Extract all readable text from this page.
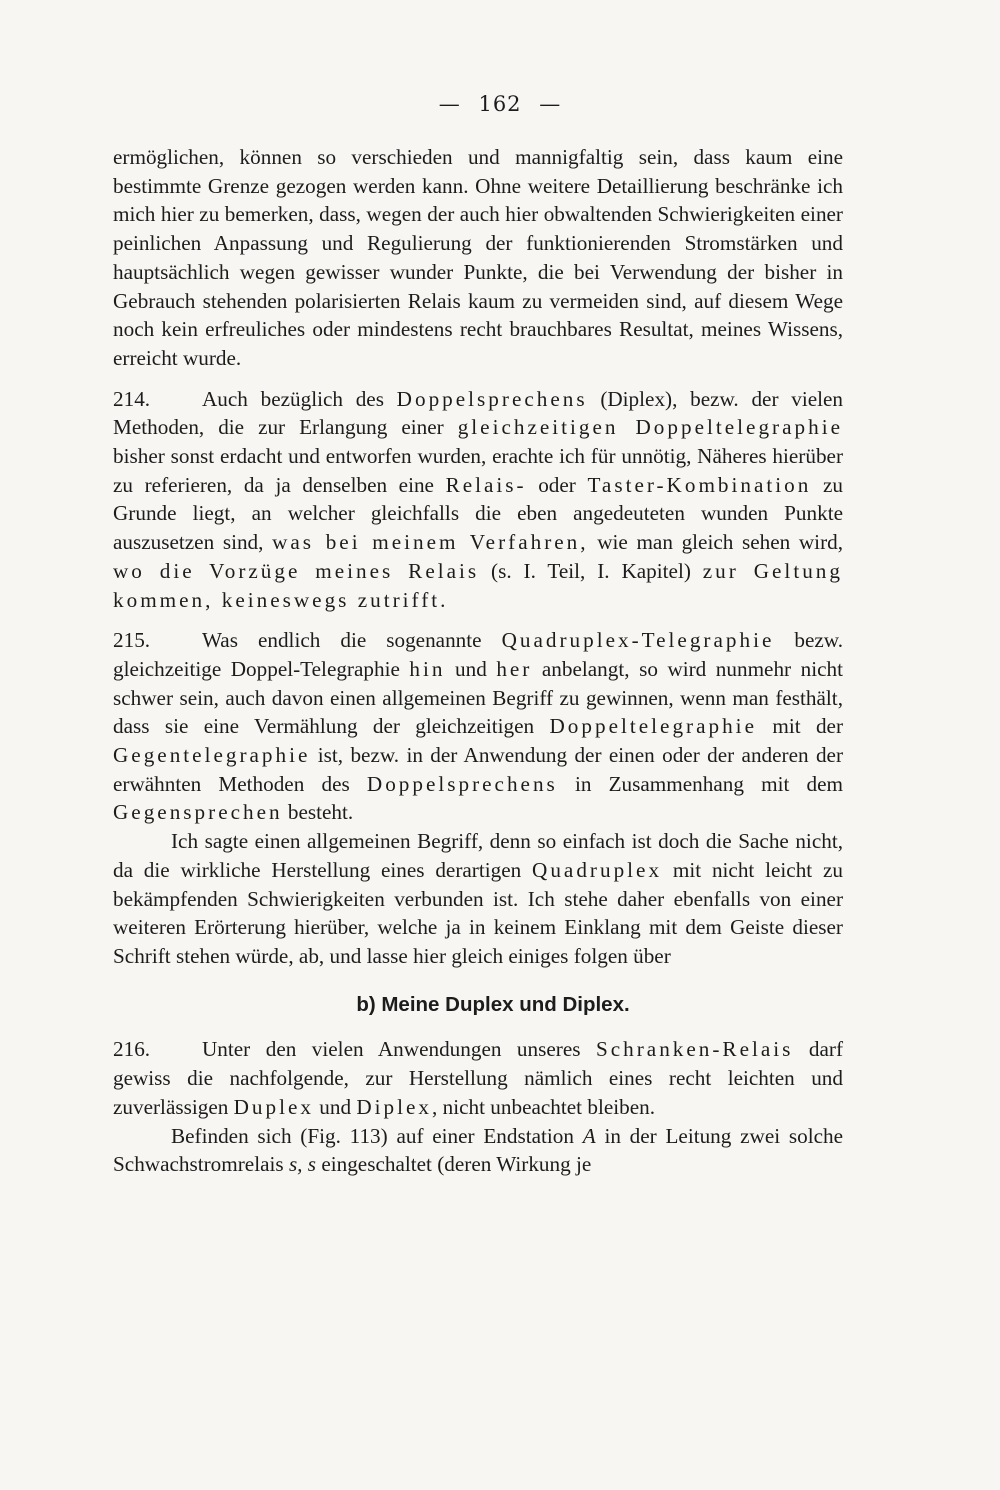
— 162 —

ermöglichen, können so verschieden und mannigfaltig sein, dass kaum eine bestimmte Grenze gezogen werden kann. Ohne weitere Detaillierung beschränke ich mich hier zu bemerken, dass, wegen der auch hier obwaltenden Schwierigkeiten einer peinlichen Anpassung und Regulierung der funktionierenden Stromstärken und hauptsächlich wegen gewisser wunder Punkte, die bei Verwendung der bisher in Gebrauch stehenden polarisierten Relais kaum zu vermeiden sind, auf diesem Wege noch kein erfreuliches oder mindestens recht brauchbares Resultat, meines Wissens, erreicht wurde.

214. Auch bezüglich des Doppelsprechens (Diplex), bezw. der vielen Methoden, die zur Erlangung einer gleichzeitigen Doppeltelegraphie bisher sonst erdacht und entworfen wurden, erachte ich für unnötig, Näheres hierüber zu referieren, da ja denselben eine Relais- oder Taster-Kombination zu Grunde liegt, an welcher gleichfalls die eben angedeuteten wunden Punkte auszusetzen sind, was bei meinem Verfahren, wie man gleich sehen wird, wo die Vorzüge meines Relais (s. I. Teil, I. Kapitel) zur Geltung kommen, keineswegs zutrifft.

215. Was endlich die sogenannte Quadruplex-Telegraphie bezw. gleichzeitige Doppel-Telegraphie hin und her anbelangt, so wird nunmehr nicht schwer sein, auch davon einen allgemeinen Begriff zu gewinnen, wenn man festhält, dass sie eine Vermählung der gleichzeitigen Doppeltelegraphie mit der Gegentelegraphie ist, bezw. in der Anwendung der einen oder der anderen der erwähnten Methoden des Doppelsprechens in Zusammenhang mit dem Gegensprechen besteht.

Ich sagte einen allgemeinen Begriff, denn so einfach ist doch die Sache nicht, da die wirkliche Herstellung eines derartigen Quadruplex mit nicht leicht zu bekämpfenden Schwierigkeiten verbunden ist. Ich stehe daher ebenfalls von einer weiteren Erörterung hierüber, welche ja in keinem Einklang mit dem Geiste dieser Schrift stehen würde, ab, und lasse hier gleich einiges folgen über

b) Meine Duplex und Diplex.

216. Unter den vielen Anwendungen unseres Schranken-Relais darf gewiss die nachfolgende, zur Herstellung nämlich eines recht leichten und zuverlässigen Duplex und Diplex, nicht unbeachtet bleiben.

Befinden sich (Fig. 113) auf einer Endstation A in der Leitung zwei solche Schwachstromrelais s, s eingeschaltet (deren Wirkung je
